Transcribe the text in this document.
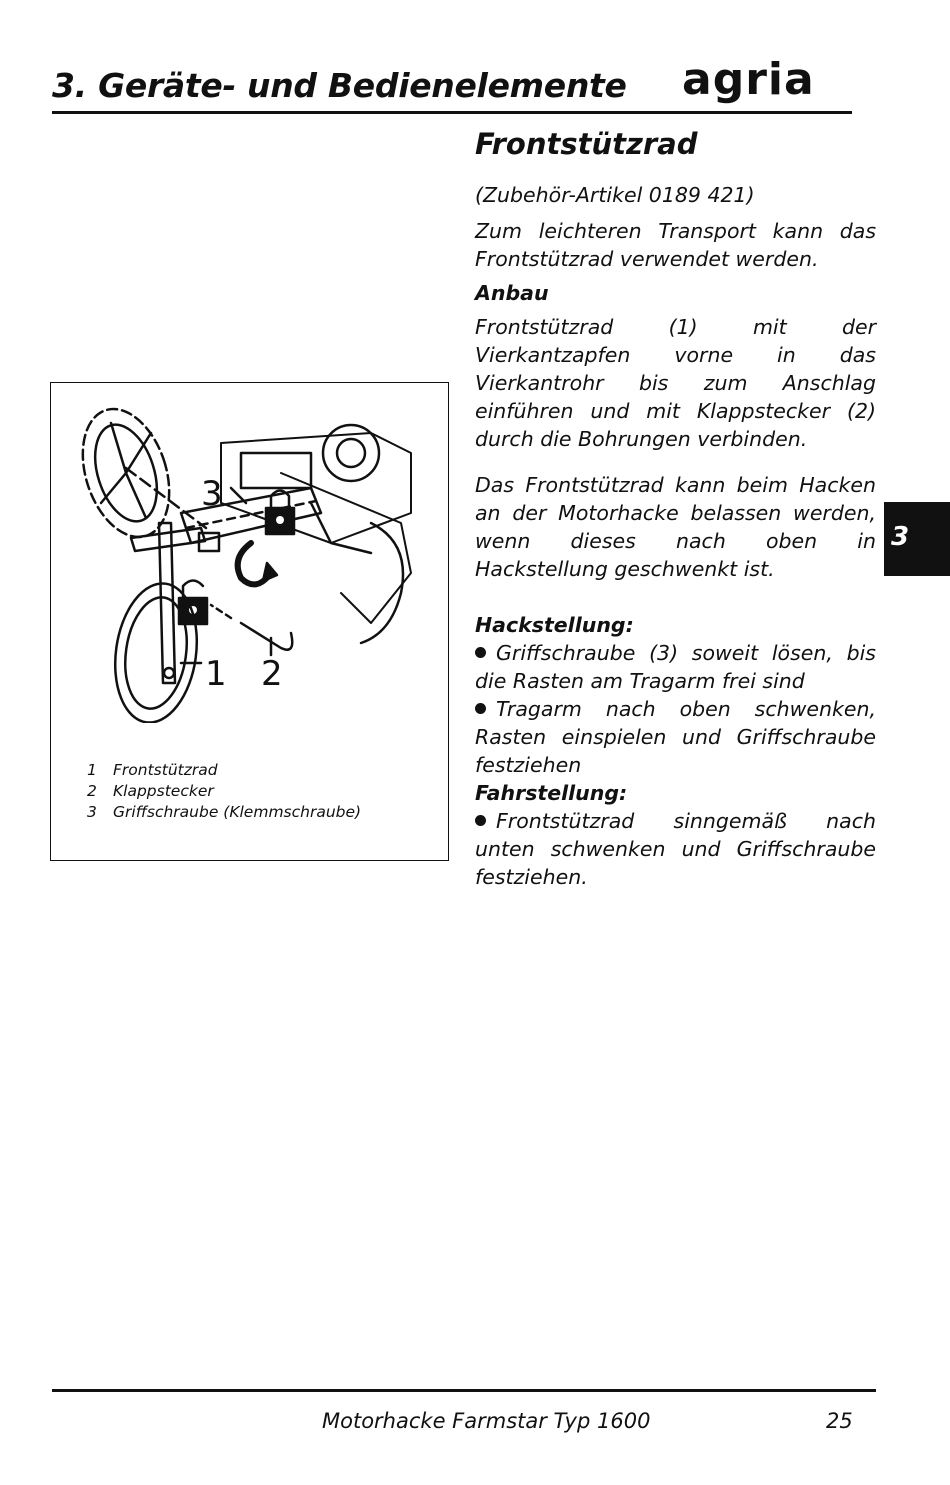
3. Geräte- und Bedienelemente agria
Frontstützrad

(Zubehör-Artikel 0189 421)

Zum leichteren Transport kann das Frontstützrad verwendet werden.

Anbau

Frontstützrad (1) mit der Vierkantzapfen vorne in das Vierkantrohr bis zum Anschlag einführen und mit Klappstecker (2) durch die Bohrungen verbinden.

Das Frontstützrad kann beim Hacken an der Motorhacke belassen werden, wenn dieses nach oben in Hackstellung geschwenkt ist.

Hackstellung:

Griffschraube (3) soweit lösen, bis die Rasten am Tragarm frei sind

Tragarm nach oben schwenken, Rasten einspielen und Griffschraube festziehen

Fahrstellung:

Frontstützrad sinngemäß nach unten schwenken und Griffschraube festziehen.

1 2
3
1 Frontstützrad
2 Klappstecker
3 Griffschraube (Klemmschraube)
3
Motorhacke Farmstar Typ 1600	25
